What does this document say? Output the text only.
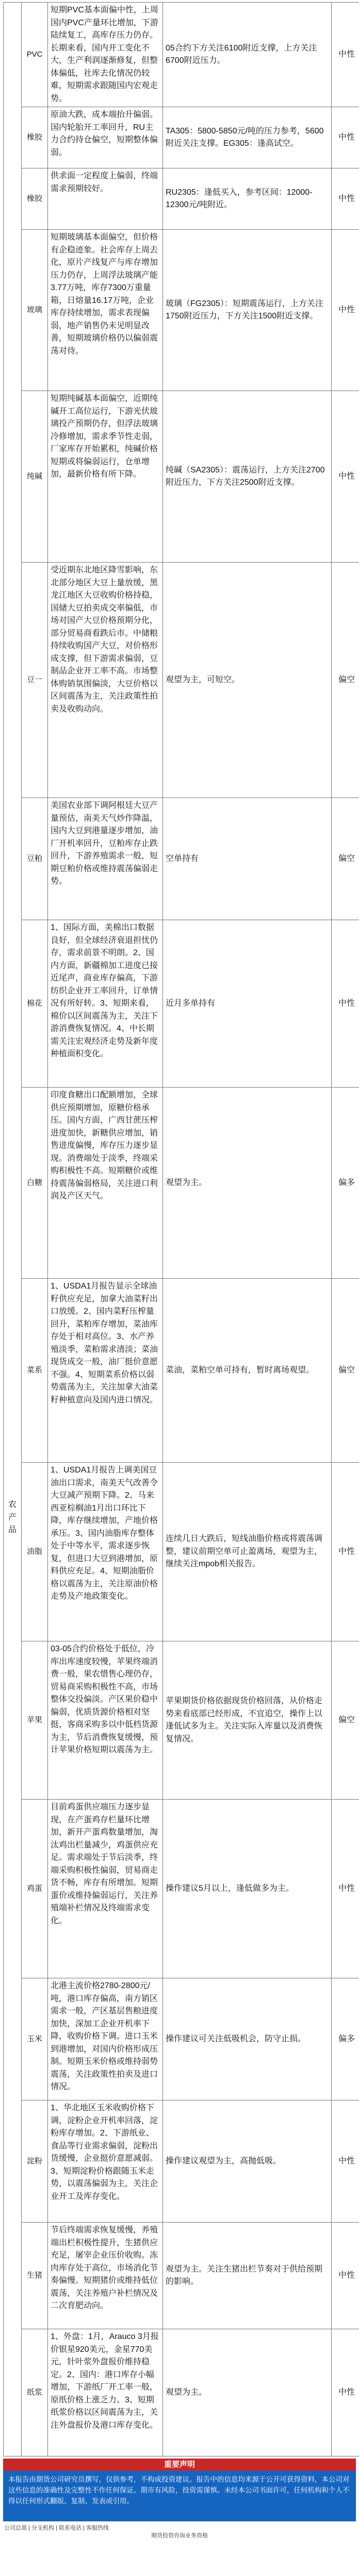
农产品	PVC	短期PVC基本面偏中性，上周国内PVC产量环比增加，下游陆续复工，高库存压力仍存。长期来看，国内开工变化不大，生产利润逐渐修复，但整体偏低，社库去化情况仍较难，短期需求跟随国内宏观走势。	05合约下方关注6100附近支撑，上方关注6700附近压力。	中性
	橡胶	原油大跌，成本端抬升偏弱。国内轮胎开工率回升，RU主力合约持仓偏空，短期整体偏弱。	TA305：5800-5850元/吨的压力参考，5600附近关注支撑。EG305：逢高试空。	中性
	橡胶	供求面一定程度上偏弱，终端需求预期较好。	RU2305：逢低买入，参考区间：12000-12300元/吨附近。	中性
	玻璃	短期玻璃基本面偏空，但价格有企稳迹象。社会库存上周去化，原片产线复产与库存增加压力仍存，上周浮法玻璃产能3.77万吨，库存7300万重量箱，日熔量16.17万吨，企业库存持续增加，需求表现偏弱，地产销售仍未见明显改善，短期玻璃价格仍以偏弱震荡对待。	玻璃（FG2305）：短期震荡运行，上方关注1750附近压力，下方关注1500附近支撑。	中性
	纯碱	短期纯碱基本面偏空，近期纯碱开工高位运行，下游光伏玻璃投产预期仍存，但浮法玻璃冷修增加，需求季节性走弱，厂家库存开始累积，纯碱价格短期或将偏弱运行，仓单增加，最新价格有所下降。	纯碱（SA2305）：震荡运行，上方关注2700附近压力，下方关注2500附近支撑。	中性
	豆一	受近期东北地区降雪影响，东北部分地区大豆上量放缓，黑龙江地区大豆收购价格持稳，国储大豆拍卖成交率偏低，市场对国产大豆价格预期分化，部分贸易商看跌后市。中储粮持续收购国产大豆，对价格形成支撑，但下游需求偏弱，豆制品企业开工率不高。市场整体购销氛围偏淡，大豆价格以区间震荡为主，关注政策性拍卖及收购动向。	观望为主，可短空。	偏空
	豆粕	美国农业部下调阿根廷大豆产量预估，南美天气炒作降温，国内大豆到港量逐步增加，油厂开机率回升，豆粕库存止跌回升，下游养殖需求一般，短期豆粕价格或维持震荡偏弱走势。	空单持有	偏空
	棉花	1、国际方面，美棉出口数据良好，但全球经济衰退担忧仍存，需求前景不明朗。2、国内方面，新疆棉加工进度已接近尾声，商业库存偏高，下游纺织企业开工率回升，订单情况有所好转。3、短期来看，棉价以区间震荡为主，关注下游消费恢复情况。4、中长期需关注宏观经济走势及新年度种植面积变化。	近月多单持有	中性
	白糖	印度食糖出口配额增加，全球供应预期增加，原糖价格承压。国内方面，广西甘蔗压榨进度加快，新糖供应增加，销售进度偏慢，库存压力逐步显现。消费端处于淡季，终端采购积极性不高。短期糖价或维持震荡偏弱格局，关注进口利润及产区天气。	观望为主。	偏多
	菜系	1、USDA1月报告显示全球油籽供应充足，加拿大油菜籽出口放缓。2、国内菜籽压榨量回升，菜粕库存增加，菜油库存处于相对高位。3、水产养殖淡季，菜粕需求清淡；菜油现货成交一般，油厂挺价意愿不强。4、短期菜系价格以弱势震荡为主，关注加拿大油菜籽种植意向及国内进口情况。	菜油，菜粕空单可持有，暂时离场观望。	偏空
	油脂	1、USDA1月报告上调美国豆油出口需求，南美天气改善令大豆减产预期下降。2、马来西亚棕榈油1月出口环比下降，库存继续增加，产地价格承压。3、国内油脂库存整体处于中等水平，需求逐步恢复，但进口大豆到港增加，原料供应充足。4、短期油脂价格以震荡为主，关注原油价格走势及产地政策变化。	连续几日大跌后，短线油脂价格或将震荡调整，建议前期空单可止盈离场，观望为主，继续关注mpob相关报告。	中性
	苹果	03-05合约价格处于低位，冷库出库速度较慢，苹果终端消费一般，果农惜售心理仍存，贸易商采购积极性不高，市场整体交投偏淡。产区果价稳中偏弱，优质货源价格相对坚挺，客商采购多以中低档货源为主，节后消费恢复缓慢，预计苹果价格短期以震荡为主。	苹果期货价格依据现货价格回落，从价格走势来看底部已经形成，不宜追空，操作上以逢低试多为主。关注实际入库量以及消费恢复情况。	偏空
	鸡蛋	目前鸡蛋供应端压力逐步显现，在产蛋鸡存栏量环比增加，新开产蛋鸡数量增加，淘汰鸡出栏量减少，鸡蛋供应充足。需求端处于节后淡季，终端采购积极性偏弱，贸易商走货不畅，库存有所增加。短期蛋价或维持偏弱运行，关注养殖端补栏情况及终端需求变化。	操作建议5月以上，逢低做多为主。	中性
	玉米	北港主流价格2780-2800元/吨，港口库存偏高，南方销区需求一般，产区基层售粮进度加快，深加工企业开机率下降，收购价格下调。进口玉米到港增加，对国内价格形成压制。短期玉米价格或维持弱势震荡，关注政策性拍卖及进口情况。	操作建议可关注低吸机会，防守止损。	偏多
	淀粉	1、华北地区玉米收购价格下调，淀粉企业开机率回落，淀粉库存增加。2、下游纸业、食品等行业需求偏弱，淀粉出货缓慢，企业挺价意愿减弱。3、短期淀粉价格跟随玉米走势，以震荡偏弱为主，关注企业开工及库存变化。	操作建议观望为主，高抛低吸。	中性
	生猪	节后终端需求恢复缓慢，养殖端出栏积极性提升，生猪供应充足，屠宰企业压价收购。冻肉库存处于高位，市场消化节奏偏慢。短期猪价或维持低位震荡，关注养殖户补栏情况及二次育肥动向。	观望为主。关注生猪出栏节奏对于供给预期的影响。	中性
	纸浆	1、外盘：1月，Arauco 3月报价银星920美元，金星770美元，针叶浆外盘报价维持稳定。2、国内：港口库存小幅增加，下游纸厂开工率一般，原纸价格上涨乏力。3、短期纸浆价格以区间震荡为主，关注外盘报价及港口库存变化。	观望为主。	中性
重要声明
本报告由期货公司研究员撰写，仅供参考，不构成投资建议。报告中的信息均来源于公开可获得资料，本公司对这些信息的准确性及完整性不作任何保证。期市有风险，投资需谨慎。未经本公司书面许可，任何机构和个人不得以任何形式翻版、复制、发表或引用。
公司总部 | 分支机构 | 联系电话 | 客服热线
期货投资咨询业务资格
